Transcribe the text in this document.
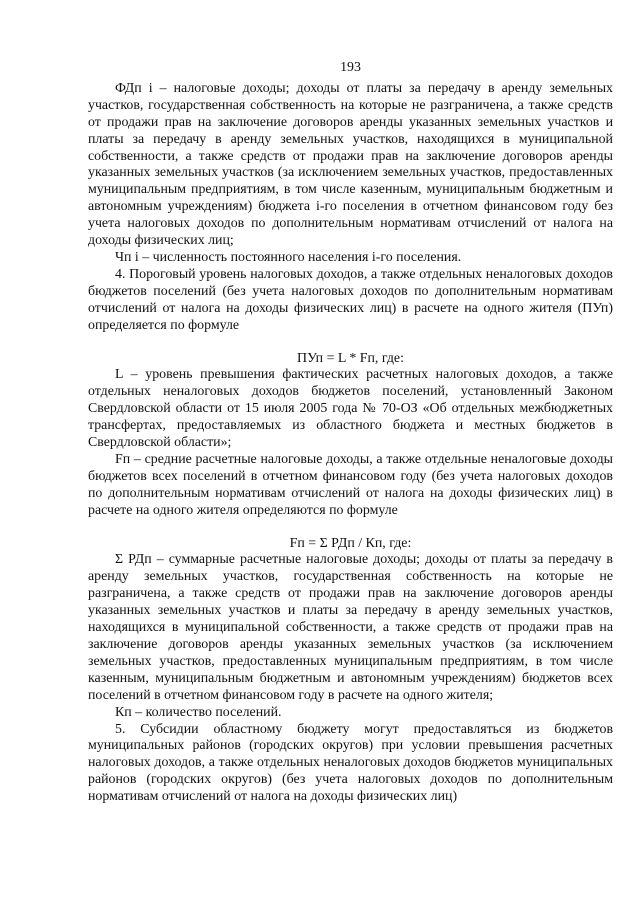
193

ФДп i – налоговые доходы; доходы от платы за передачу в аренду земельных участков, государственная собственность на которые не разграничена, а также средств от продажи прав на заключение договоров аренды указанных земельных участков и платы за передачу в аренду земельных участков, находящихся в муниципальной собственности, а также средств от продажи прав на заключение договоров аренды указанных земельных участков (за исключением земельных участков, предоставленных муниципальным предприятиям, в том числе казенным, муниципальным бюджетным и автономным учреждениям) бюджета i-го поселения в отчетном финансовом году без учета налоговых доходов по дополнительным нормативам отчислений от налога на доходы физических лиц;

Чп i – численность постоянного населения i-го поселения.

4. Пороговый уровень налоговых доходов, а также отдельных неналоговых доходов бюджетов поселений (без учета налоговых доходов по дополнительным нормативам отчислений от налога на доходы физических лиц) в расчете на одного жителя (ПУп) определяется по формуле

ПУп = L * Fп, где:

L – уровень превышения фактических расчетных налоговых доходов, а также отдельных неналоговых доходов бюджетов поселений, установленный Законом Свердловской области от 15 июля 2005 года № 70-ОЗ «Об отдельных межбюджетных трансфертах, предоставляемых из областного бюджета и местных бюджетов в Свердловской области»;

Fп – средние расчетные налоговые доходы, а также отдельные неналоговые доходы бюджетов всех поселений в отчетном финансовом году (без учета налоговых доходов по дополнительным нормативам отчислений от налога на доходы физических лиц) в расчете на одного жителя определяются по формуле

Fп = Σ РДп / Кп, где:

Σ РДп – суммарные расчетные налоговые доходы; доходы от платы за передачу в аренду земельных участков, государственная собственность на которые не разграничена, а также средств от продажи прав на заключение договоров аренды указанных земельных участков и платы за передачу в аренду земельных участков, находящихся в муниципальной собственности, а также средств от продажи прав на заключение договоров аренды указанных земельных участков (за исключением земельных участков, предоставленных муниципальным предприятиям, в том числе казенным, муниципальным бюджетным и автономным учреждениям) бюджетов всех поселений в отчетном финансовом году в расчете на одного жителя;

Кп – количество поселений.

5. Субсидии областному бюджету могут предоставляться из бюджетов муниципальных районов (городских округов) при условии превышения расчетных налоговых доходов, а также отдельных неналоговых доходов бюджетов муниципальных районов (городских округов) (без учета налоговых доходов по дополнительным нормативам отчислений от налога на доходы физических лиц)
